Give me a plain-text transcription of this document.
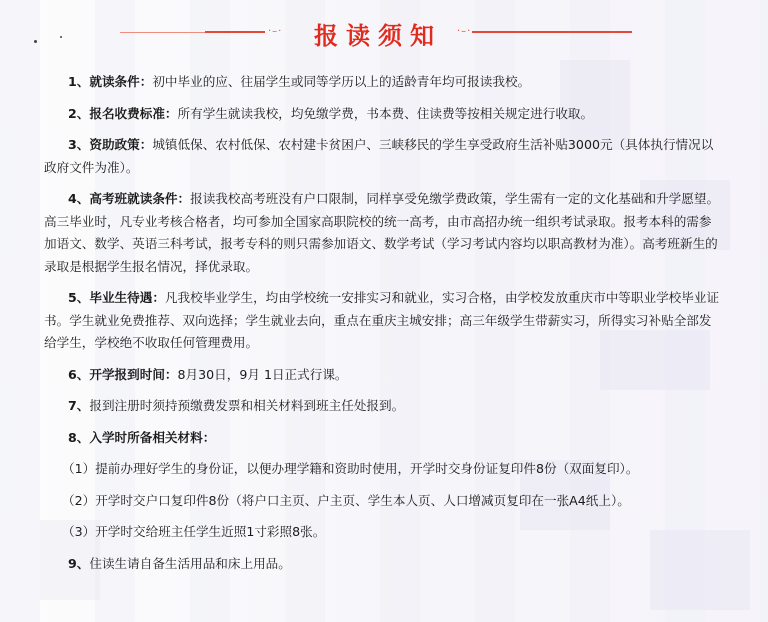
·–·	报读须知	·–·

1、就读条件：初中毕业的应、往届学生或同等学历以上的适龄青年均可报读我校。

2、报名收费标准：所有学生就读我校，均免缴学费，书本费、住读费等按相关规定进行收取。

3、资助政策：城镇低保、农村低保、农村建卡贫困户、三峡移民的学生享受政府生活补贴3000元（具体执行情况以政府文件为准）。

4、高考班就读条件：报读我校高考班没有户口限制，同样享受免缴学费政策，学生需有一定的文化基础和升学愿望。高三毕业时，凡专业考核合格者，均可参加全国家高职院校的统一高考，由市高招办统一组织考试录取。报考本科的需参加语文、数学、英语三科考试，报考专科的则只需参加语文、数学考试（学习考试内容均以职高教材为准）。高考班新生的录取是根据学生报名情况，择优录取。

5、毕业生待遇：凡我校毕业学生，均由学校统一安排实习和就业，实习合格，由学校发放重庆市中等职业学校毕业证书。学生就业免费推荐、双向选择；学生就业去向，重点在重庆主城安排；高三年级学生带薪实习，所得实习补贴全部发给学生，学校绝不收取任何管理费用。

6、开学报到时间：8月30日，9月 1日正式行课。

7、报到注册时须持预缴费发票和相关材料到班主任处报到。

8、入学时所备相关材料：

（1）提前办理好学生的身份证，以便办理学籍和资助时使用，开学时交身份证复印件8份（双面复印）。

（2）开学时交户口复印件8份（将户口主页、户主页、学生本人页、人口增减页复印在一张A4纸上）。

（3）开学时交给班主任学生近照1寸彩照8张。

9、住读生请自备生活用品和床上用品。
